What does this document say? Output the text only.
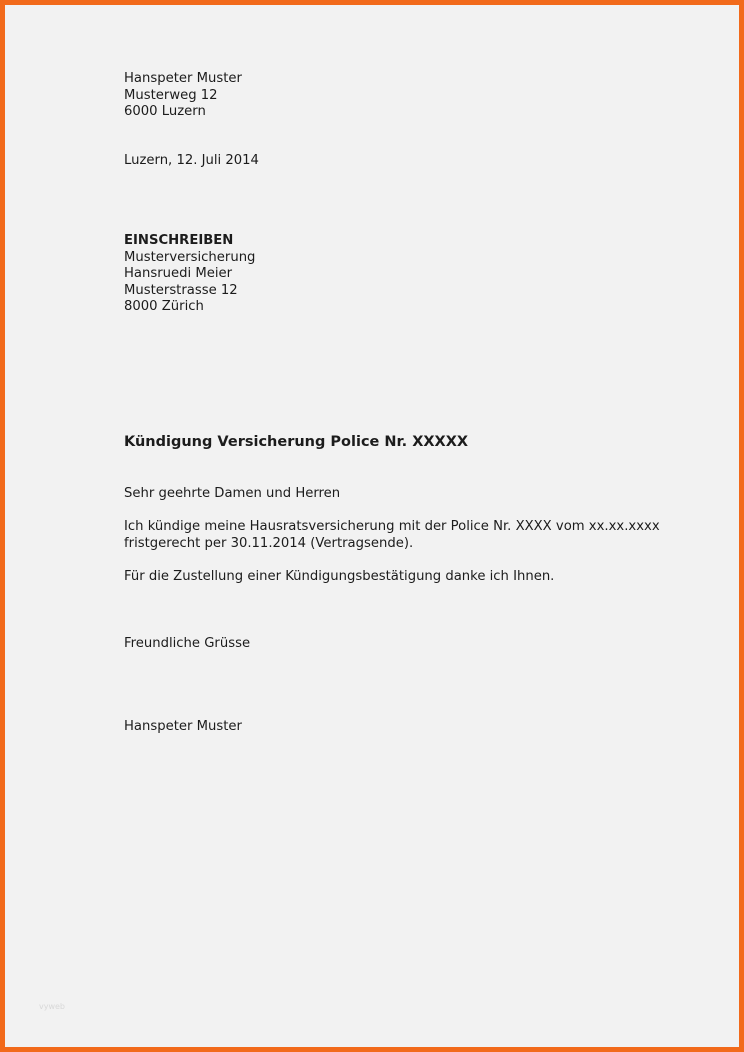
Hanspeter Muster
Musterweg 12
6000 Luzern
Luzern, 12. Juli 2014
EINSCHREIBEN
Musterversicherung
Hansruedi Meier
Musterstrasse 12
8000 Zürich
Kündigung Versicherung Police Nr. XXXXX
Sehr geehrte Damen und Herren
Ich kündige meine Hausratsversicherung mit der Police Nr. XXXX vom xx.xx.xxxx
fristgerecht per 30.11.2014 (Vertragsende).
Für die Zustellung einer Kündigungsbestätigung danke ich Ihnen.
Freundliche Grüsse
Hanspeter Muster
vyweb
